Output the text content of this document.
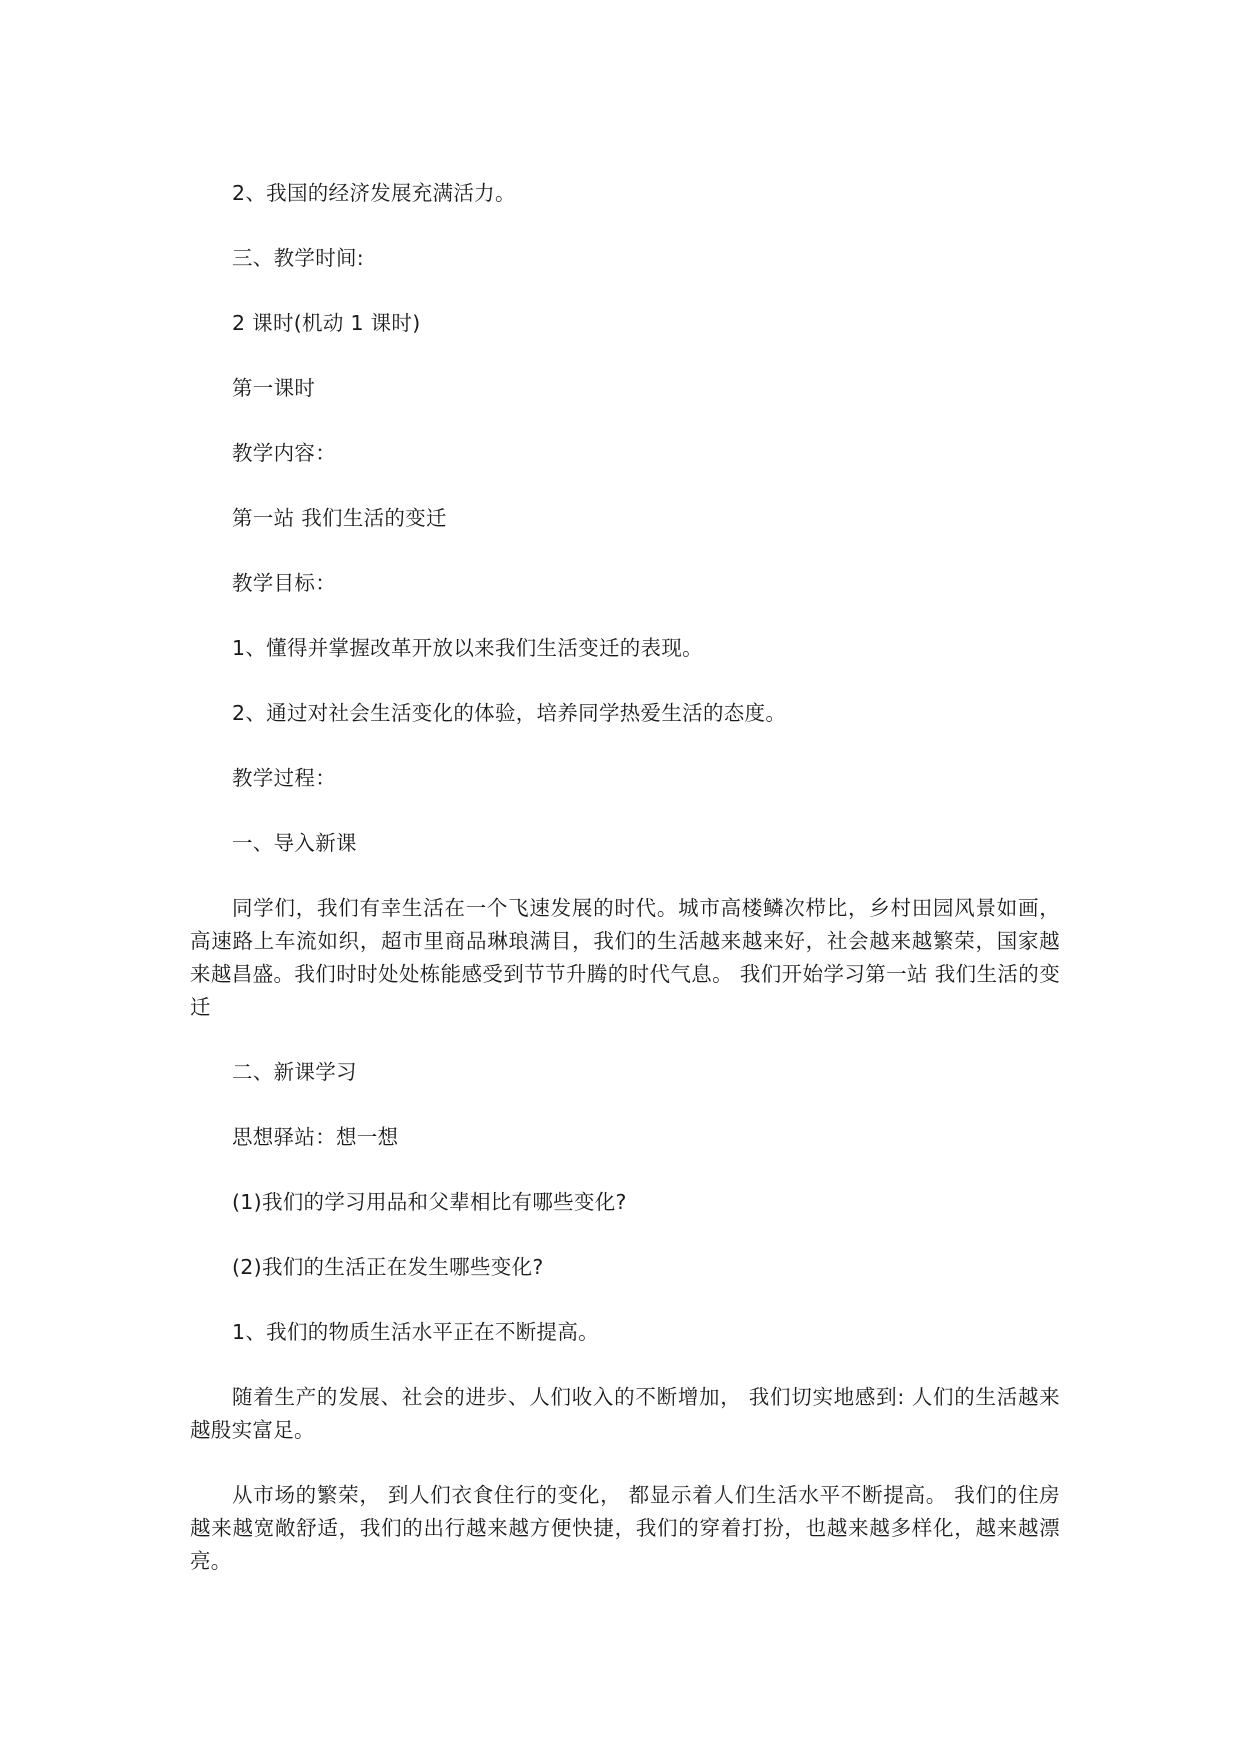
2、我国的经济发展充满活力。

三、教学时间:

2 课时(机动 1 课时)

第一课时

教学内容：

第一站 我们生活的变迁

教学目标：

1、懂得并掌握改革开放以来我们生活变迁的表现。

2、通过对社会生活变化的体验，培养同学热爱生活的态度。

教学过程：

一、导入新课

同学们，我们有幸生活在一个飞速发展的时代。城市高楼鳞次栉比，乡村田园风景如画，高速路上车流如织，超市里商品琳琅满目，我们的生活越来越来好，社会越来越繁荣，国家越来越昌盛。我们时时处处栋能感受到节节升腾的时代气息。 我们开始学习第一站 我们生活的变迁

二、新课学习

思想驿站：想一想

(1)我们的学习用品和父辈相比有哪些变化?

(2)我们的生活正在发生哪些变化?

1、我们的物质生活水平正在不断提高。

随着生产的发展、社会的进步、人们收入的不断增加， 我们切实地感到: 人们的生活越来越殷实富足。

从市场的繁荣， 到人们衣食住行的变化， 都显示着人们生活水平不断提高。 我们的住房越来越宽敞舒适，我们的出行越来越方便快捷，我们的穿着打扮，也越来越多样化，越来越漂亮。
